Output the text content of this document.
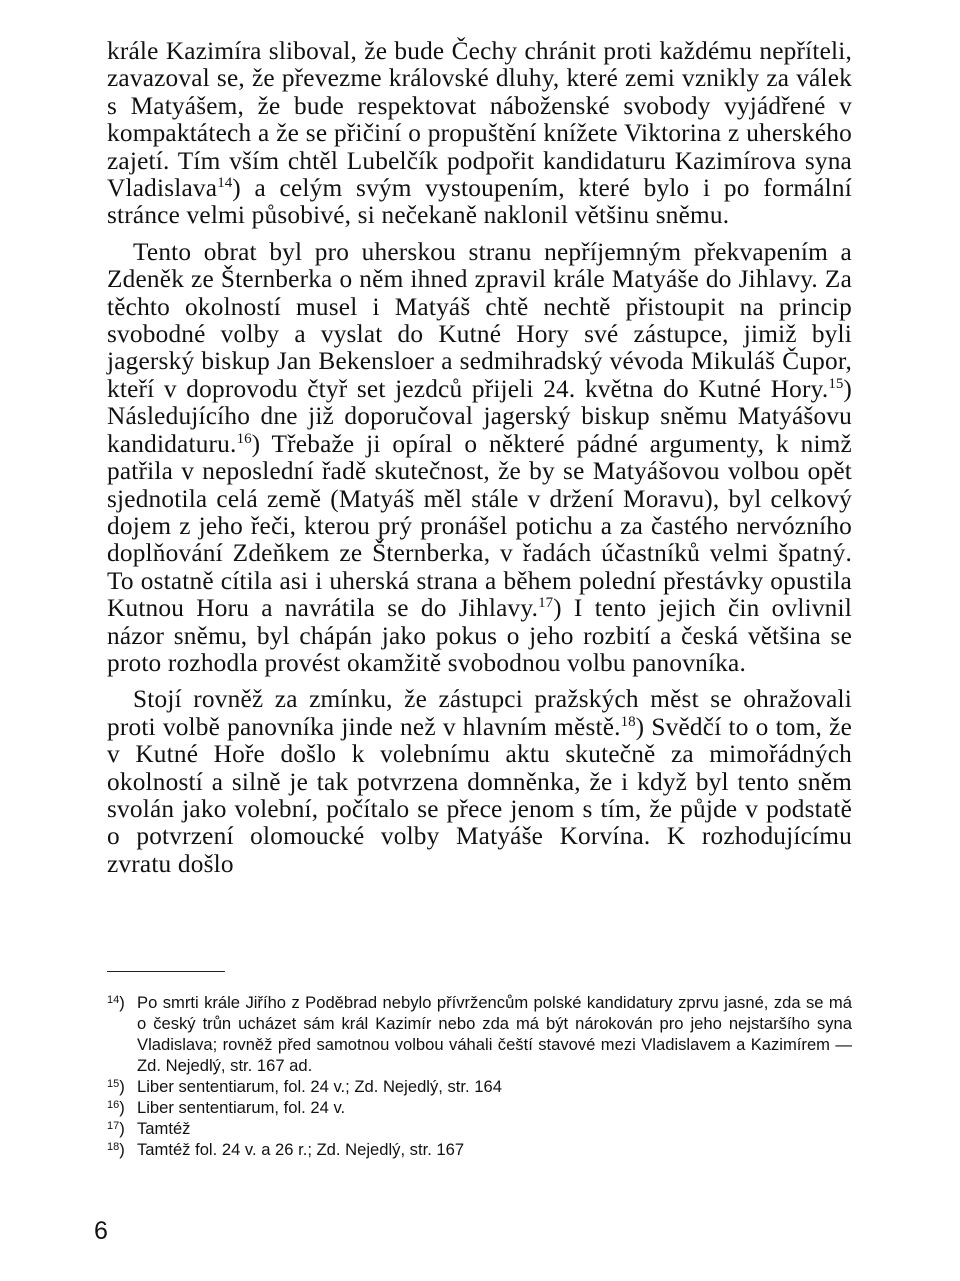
krále Kazimíra sliboval, že bude Čechy chránit proti každému nepříteli, zavazoval se, že převezme královské dluhy, které zemi vznikly za válek s Matyášem, že bude respektovat náboženské svobody vyjádřené v kompaktátech a že se přičiní o propuštění knížete Viktorina z uherského zajetí. Tím vším chtěl Lubelčík podpořit kandidaturu Kazimírova syna Vladislava$^{14}$) a celým svým vystoupením, které bylo i po formální stránce velmi působivé, si nečekaně naklonil většinu sněmu.

Tento obrat byl pro uherskou stranu nepříjemným překvapením a Zdeněk ze Šternberka o něm ihned zpravil krále Matyáše do Jihlavy. Za těchto okolností musel i Matyáš chtě nechtě přistoupit na princip svobodné volby a vyslat do Kutné Hory své zástupce, jimiž byli jagerský biskup Jan Bekensloer a sedmihradský vévoda Mikuláš Čupor, kteří v doprovodu čtyř set jezdců přijeli 24. května do Kutné Hory.$^{15}$) Následujícího dne již doporučoval jagerský biskup sněmu Matyášovu kandidaturu.$^{16}$) Třebaže ji opíral o některé pádné argumenty, k nimž patřila v neposlední řadě skutečnost, že by se Matyášovou volbou opět sjednotila celá země (Matyáš měl stále v držení Moravu), byl celkový dojem z jeho řeči, kterou prý pronášel potichu a za častého nervózního doplňování Zdeňkem ze Šternberka, v řadách účastníků velmi špatný. To ostatně cítila asi i uherská strana a během polední přestávky opustila Kutnou Horu a navrátila se do Jihlavy.$^{17}$) I tento jejich čin ovlivnil názor sněmu, byl chápán jako pokus o jeho rozbití a česká většina se proto rozhodla provést okamžitě svobodnou volbu panovníka.

Stojí rovněž za zmínku, že zástupci pražských měst se ohražovali proti volbě panovníka jinde než v hlavním městě.$^{18}$) Svědčí to o tom, že v Kutné Hoře došlo k volebnímu aktu skutečně za mimořádných okolností a silně je tak potvrzena domněnka, že i když byl tento sněm svolán jako volební, počítalo se přece jenom s tím, že půjde v podstatě o potvrzení olomoucké volby Matyáše Korvína. K rozhodujícímu zvratu došlo

$^{14}$) Po smrti krále Jiřího z Poděbrad nebylo přívržencům polské kandidatury zprvu jasné, zda se má o český trůn ucházet sám král Kazimír nebo zda má být nárokován pro jeho nejstaršího syna Vladislava; rovněž před samotnou volbou váhali čeští stavové mezi Vladislavem a Kazimírem — Zd. Nejedlý, str. 167 ad.
$^{15}$) Liber sententiarum, fol. 24 v.; Zd. Nejedlý, str. 164
$^{16}$) Liber sententiarum, fol. 24 v.
$^{17}$) Tamtéž
$^{18}$) Tamtéž fol. 24 v. a 26 r.; Zd. Nejedlý, str. 167
6
